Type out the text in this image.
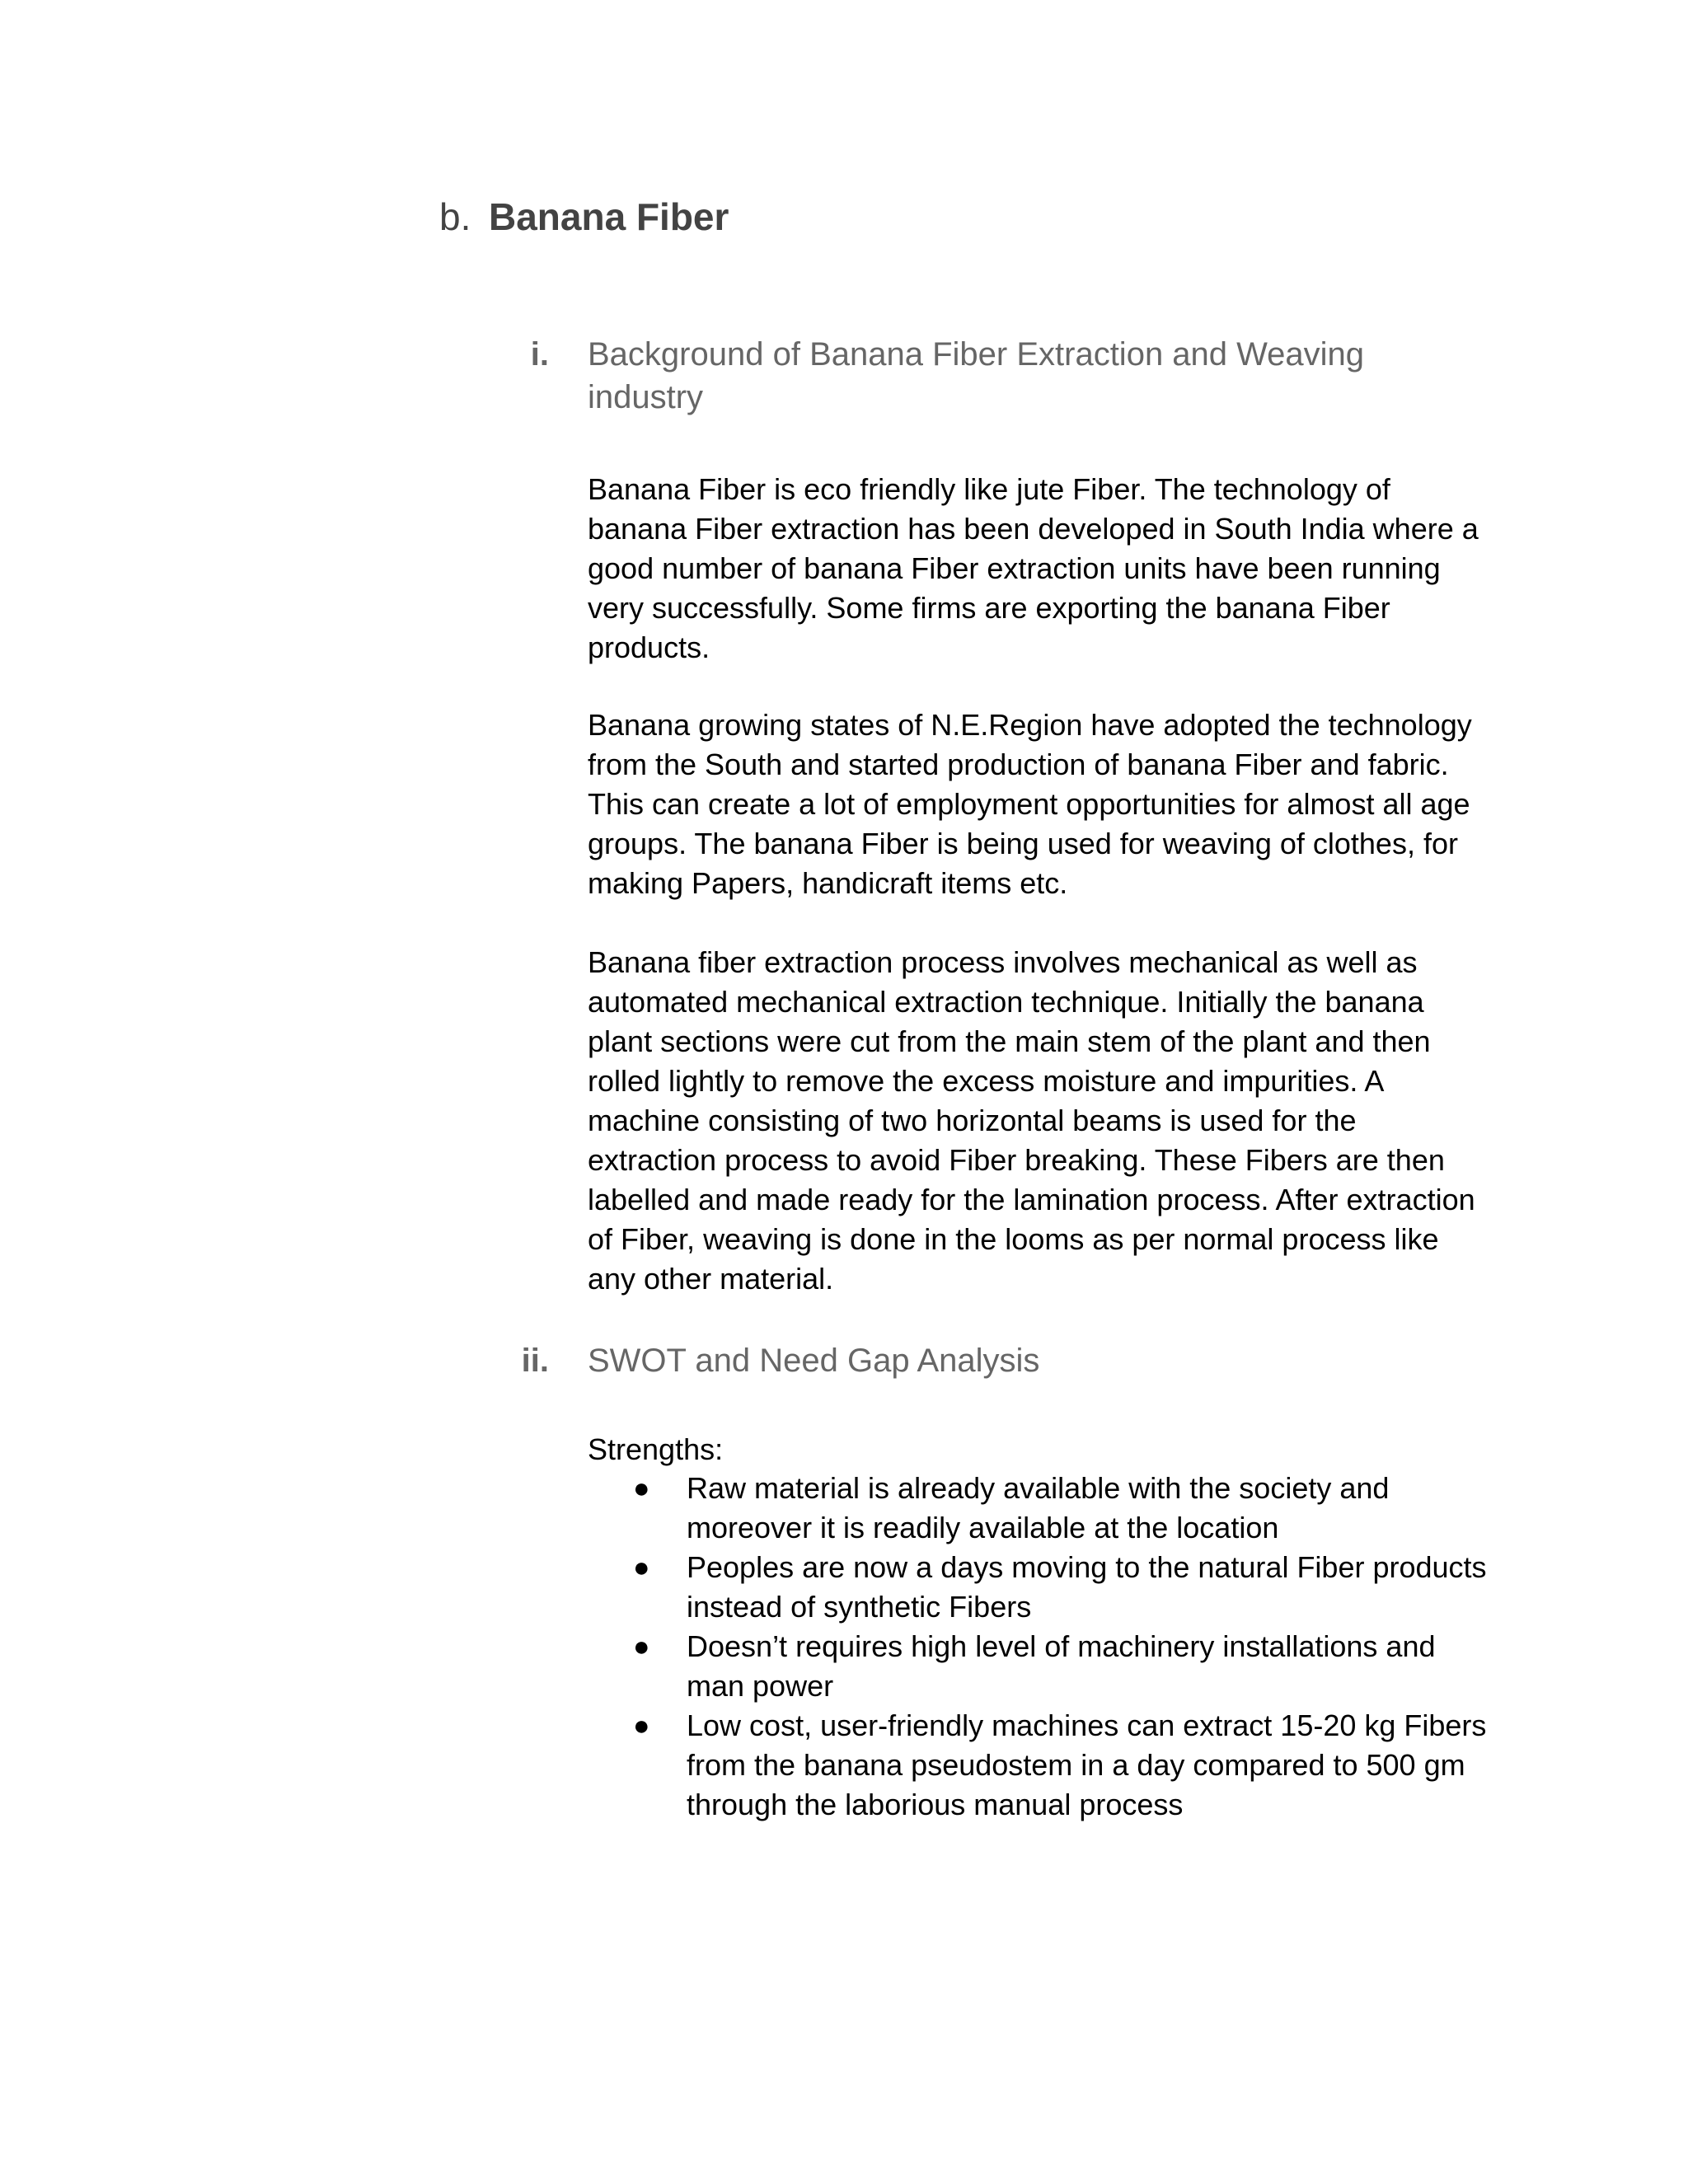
b. Banana Fiber
i. Background of Banana Fiber Extraction and Weaving industry

Banana Fiber is eco friendly like jute Fiber. The technology of banana Fiber extraction has been developed in South India where a good number of banana Fiber extraction units have been running very successfully. Some firms are exporting the banana Fiber products.

Banana growing states of N.E.Region have adopted the technology from the South and started production of banana Fiber and fabric. This can create a lot of employment opportunities for almost all age groups. The banana Fiber is being used for weaving of clothes, for making Papers, handicraft items etc.

Banana fiber extraction process involves mechanical as well as automated mechanical extraction technique. Initially the banana plant sections were cut from the main stem of the plant and then rolled lightly to remove the excess moisture and impurities. A machine consisting of two horizontal beams is used for the extraction process to avoid Fiber breaking. These Fibers are then labelled and made ready for the lamination process. After extraction of Fiber, weaving is done in the looms as per normal process like any other material.

ii. SWOT and Need Gap Analysis
Strengths:
● Raw material is already available with the society and moreover it is readily available at the location
● Peoples are now a days moving to the natural Fiber products instead of synthetic Fibers
● Doesn’t requires high level of machinery installations and man power
● Low cost, user-friendly machines can extract 15-20 kg Fibers from the banana pseudostem in a day compared to 500 gm through the laborious manual process
